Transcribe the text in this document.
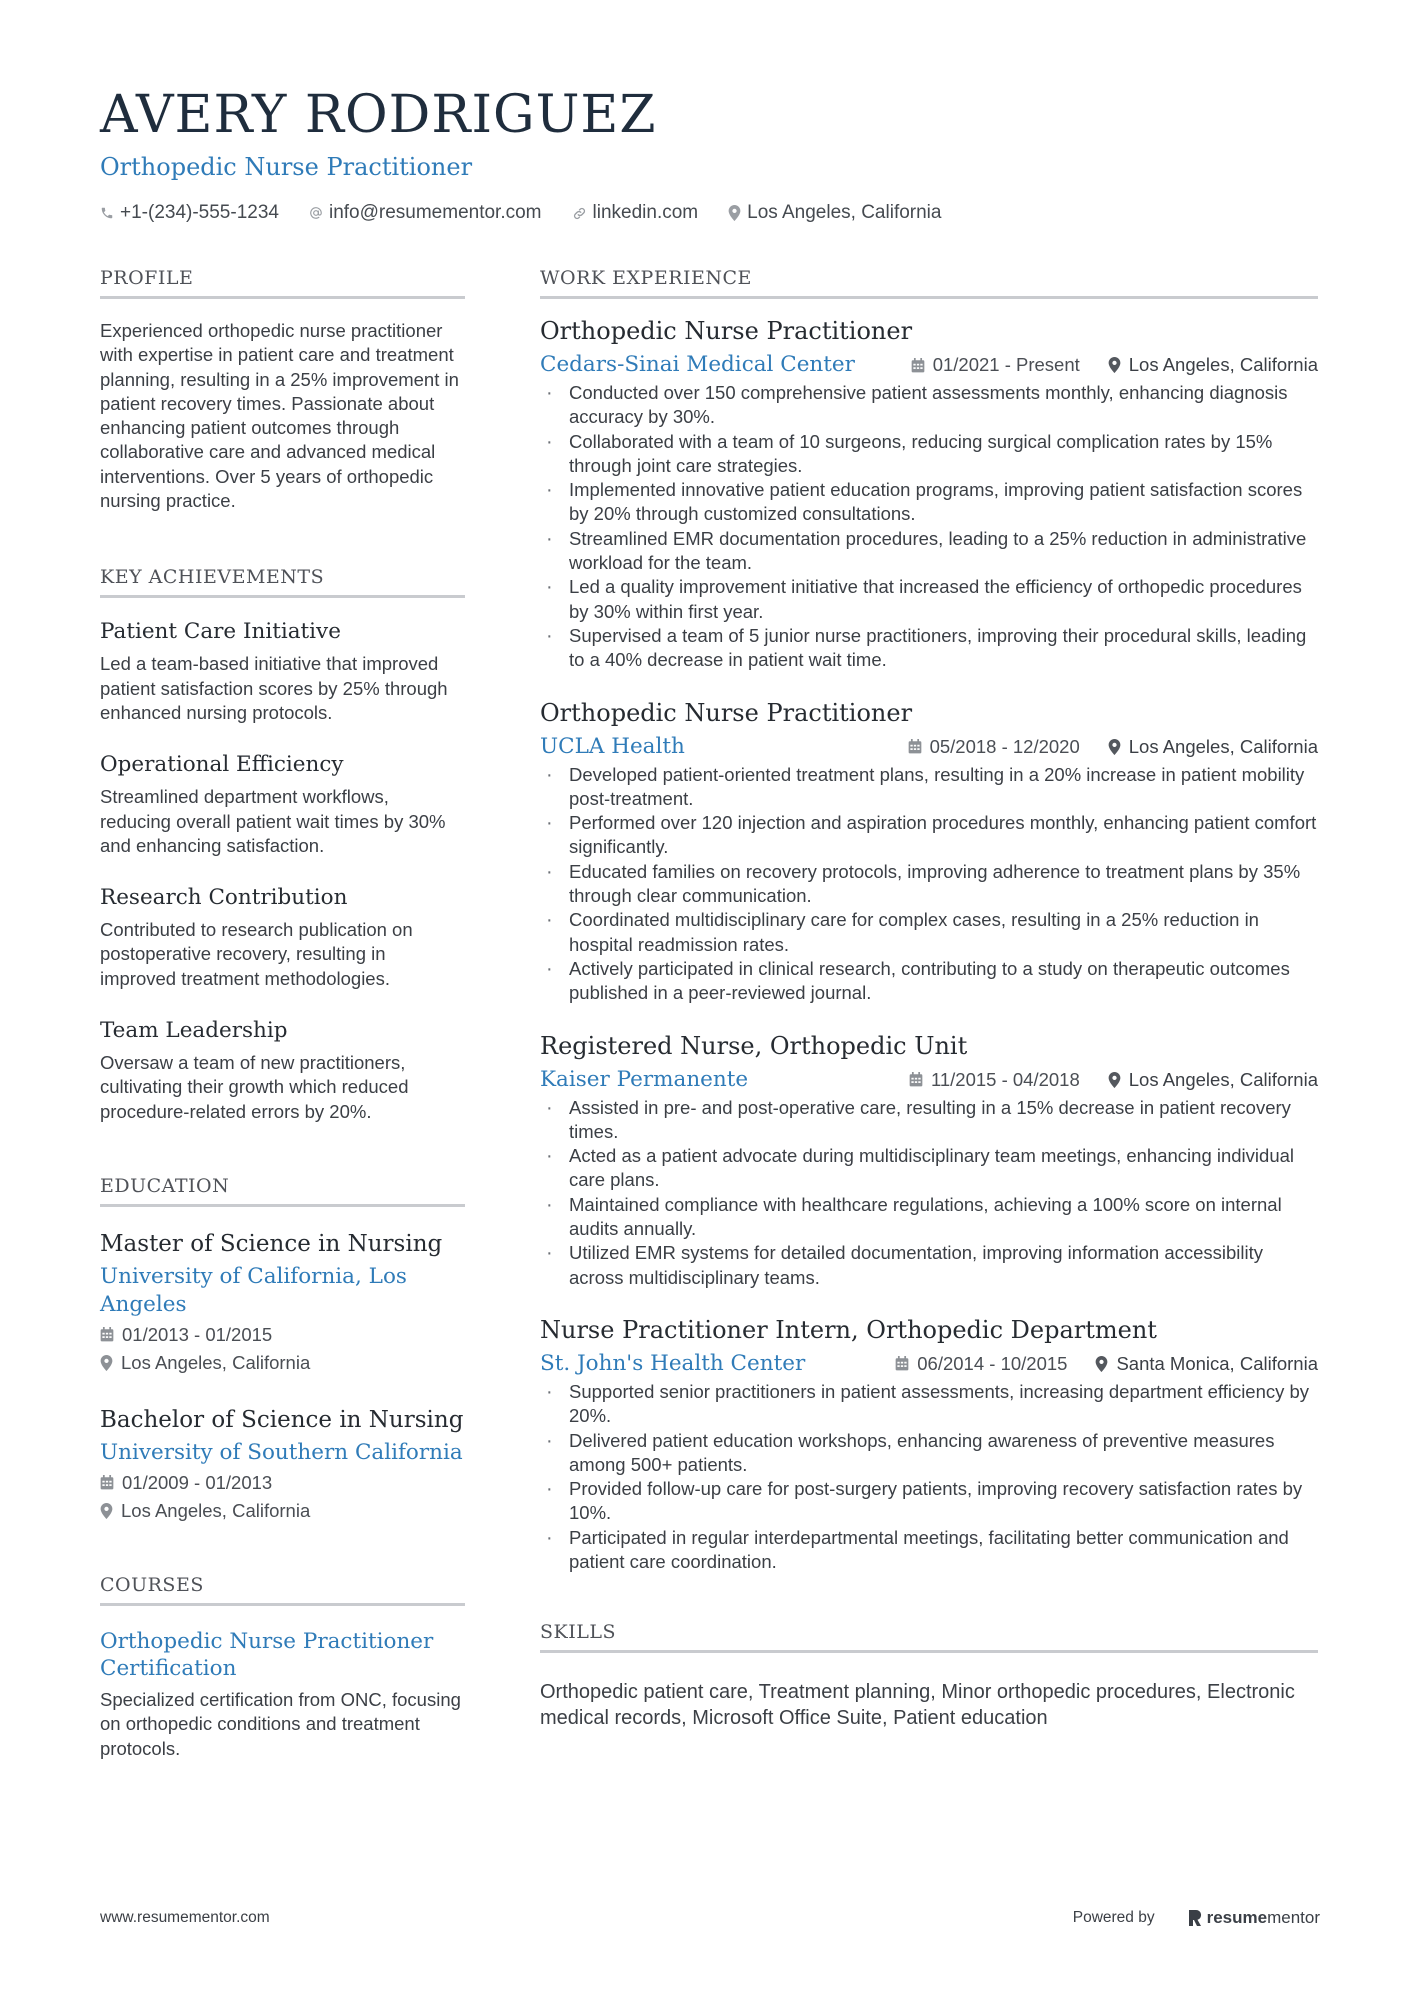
AVERY RODRIGUEZ
Orthopedic Nurse Practitioner
+1-(234)-555-1234	info@resumementor.com	linkedin.com	Los Angeles, California
PROFILE
Experienced orthopedic nurse practitioner with expertise in patient care and treatment planning, resulting in a 25% improvement in patient recovery times. Passionate about enhancing patient outcomes through collaborative care and advanced medical interventions. Over 5 years of orthopedic nursing practice.
KEY ACHIEVEMENTS
Patient Care Initiative
Led a team-based initiative that improved patient satisfaction scores by 25% through enhanced nursing protocols.
Operational Efficiency
Streamlined department workflows, reducing overall patient wait times by 30% and enhancing satisfaction.
Research Contribution
Contributed to research publication on postoperative recovery, resulting in improved treatment methodologies.
Team Leadership
Oversaw a team of new practitioners, cultivating their growth which reduced procedure-related errors by 20%.
EDUCATION
Master of Science in Nursing
University of California, Los Angeles
01/2013 - 01/2015
Los Angeles, California
Bachelor of Science in Nursing
University of Southern California
01/2009 - 01/2013
Los Angeles, California
COURSES
Orthopedic Nurse Practitioner Certification
Specialized certification from ONC, focusing on orthopedic conditions and treatment protocols.
WORK EXPERIENCE
Orthopedic Nurse Practitioner
Cedars-Sinai Medical Center	01/2021 - Present	Los Angeles, California
· Conducted over 150 comprehensive patient assessments monthly, enhancing diagnosis accuracy by 30%.
· Collaborated with a team of 10 surgeons, reducing surgical complication rates by 15% through joint care strategies.
· Implemented innovative patient education programs, improving patient satisfaction scores by 20% through customized consultations.
· Streamlined EMR documentation procedures, leading to a 25% reduction in administrative workload for the team.
· Led a quality improvement initiative that increased the efficiency of orthopedic procedures by 30% within first year.
· Supervised a team of 5 junior nurse practitioners, improving their procedural skills, leading to a 40% decrease in patient wait time.
Orthopedic Nurse Practitioner
UCLA Health	05/2018 - 12/2020	Los Angeles, California
· Developed patient-oriented treatment plans, resulting in a 20% increase in patient mobility post-treatment.
· Performed over 120 injection and aspiration procedures monthly, enhancing patient comfort significantly.
· Educated families on recovery protocols, improving adherence to treatment plans by 35% through clear communication.
· Coordinated multidisciplinary care for complex cases, resulting in a 25% reduction in hospital readmission rates.
· Actively participated in clinical research, contributing to a study on therapeutic outcomes published in a peer-reviewed journal.
Registered Nurse, Orthopedic Unit
Kaiser Permanente	11/2015 - 04/2018	Los Angeles, California
· Assisted in pre- and post-operative care, resulting in a 15% decrease in patient recovery times.
· Acted as a patient advocate during multidisciplinary team meetings, enhancing individual care plans.
· Maintained compliance with healthcare regulations, achieving a 100% score on internal audits annually.
· Utilized EMR systems for detailed documentation, improving information accessibility across multidisciplinary teams.
Nurse Practitioner Intern, Orthopedic Department
St. John's Health Center	06/2014 - 10/2015	Santa Monica, California
· Supported senior practitioners in patient assessments, increasing department efficiency by 20%.
· Delivered patient education workshops, enhancing awareness of preventive measures among 500+ patients.
· Provided follow-up care for post-surgery patients, improving recovery satisfaction rates by 10%.
· Participated in regular interdepartmental meetings, facilitating better communication and patient care coordination.
SKILLS
Orthopedic patient care, Treatment planning, Minor orthopedic procedures, Electronic medical records, Microsoft Office Suite, Patient education
www.resumementor.com	Powered by	resume mentor
